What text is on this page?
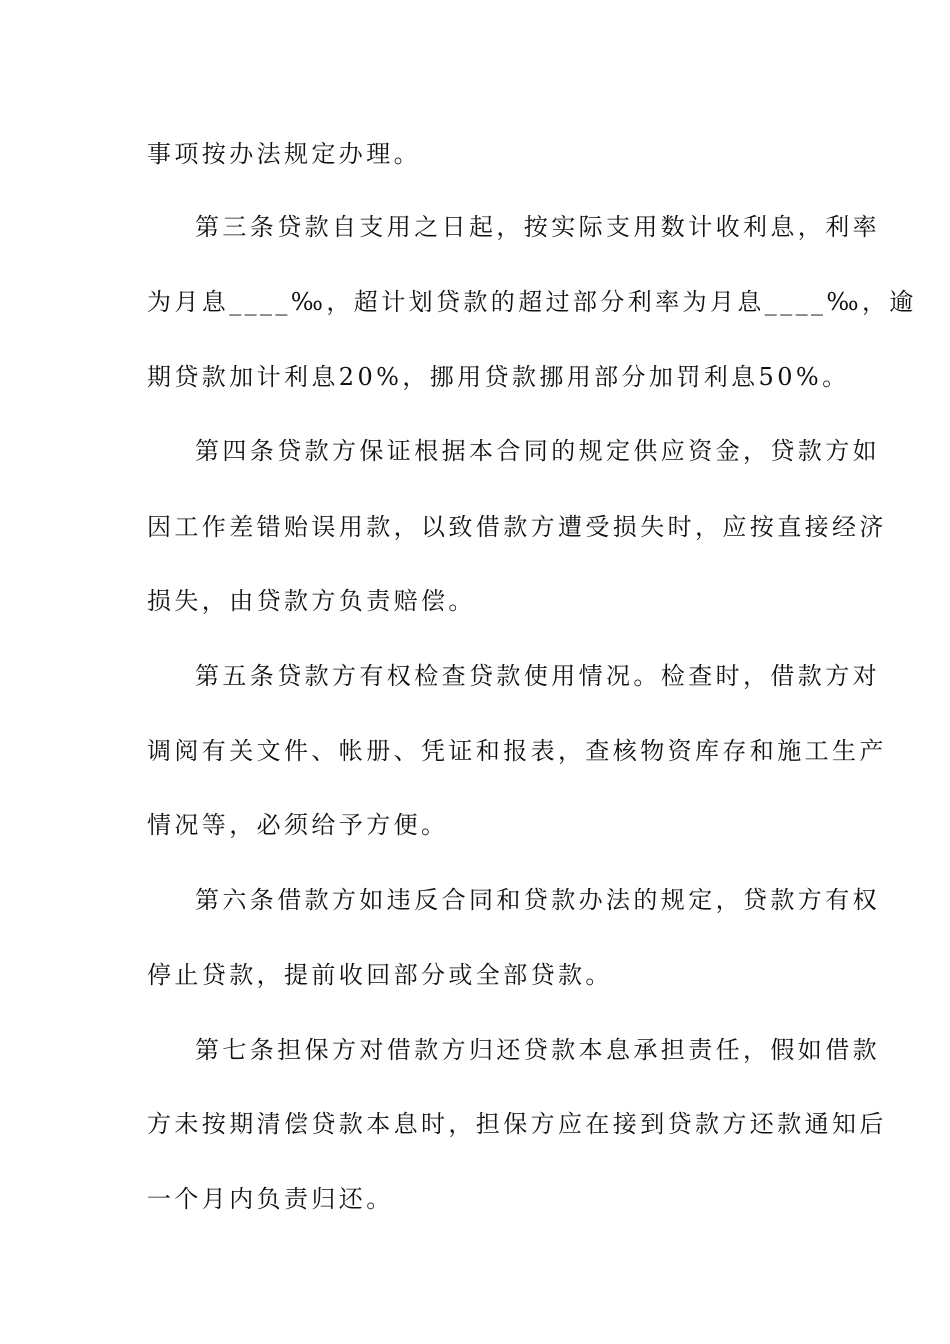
事项按办法规定办理。
第三条贷款自支用之日起，按实际支用数计收利息，利率
为月息____‰，超计划贷款的超过部分利率为月息____‰，逾
期贷款加计利息20%，挪用贷款挪用部分加罚利息50%。
第四条贷款方保证根据本合同的规定供应资金，贷款方如
因工作差错贻误用款，以致借款方遭受损失时，应按直接经济
损失，由贷款方负责赔偿。
第五条贷款方有权检查贷款使用情况。检查时，借款方对
调阅有关文件、帐册、凭证和报表，查核物资库存和施工生产
情况等，必须给予方便。
第六条借款方如违反合同和贷款办法的规定，贷款方有权
停止贷款，提前收回部分或全部贷款。
第七条担保方对借款方归还贷款本息承担责任，假如借款
方未按期清偿贷款本息时，担保方应在接到贷款方还款通知后
一个月内负责归还。
